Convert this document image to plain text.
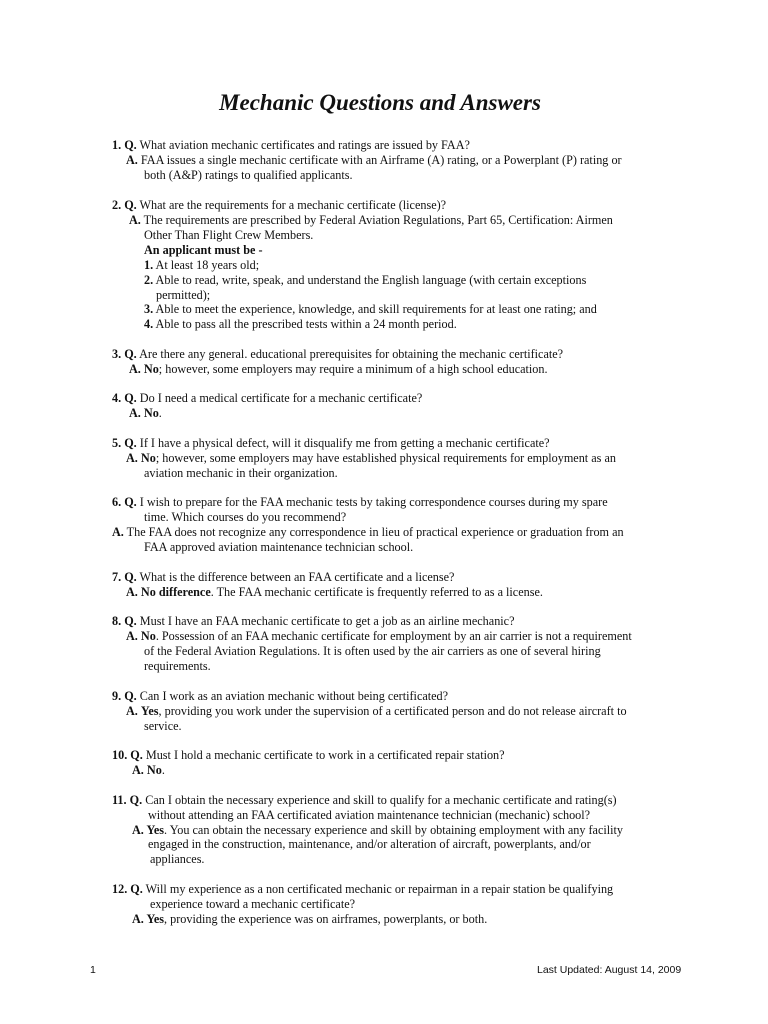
Mechanic Questions and Answers
1. Q. What aviation mechanic certificates and ratings are issued by FAA?
A. FAA issues a single mechanic certificate with an Airframe (A) rating, or a Powerplant (P) rating or
both (A&P) ratings to qualified applicants.
2. Q. What are the requirements for a mechanic certificate (license)?
A. The requirements are prescribed by Federal Aviation Regulations, Part 65, Certification: Airmen
Other Than Flight Crew Members.
An applicant must be -
1. At least 18 years old;
2. Able to read, write, speak, and understand the English language (with certain exceptions
permitted);
3. Able to meet the experience, knowledge, and skill requirements for at least one rating; and
4. Able to pass all the prescribed tests within a 24 month period.
3. Q. Are there any general. educational prerequisites for obtaining the mechanic certificate?
A. No; however, some employers may require a minimum of a high school education.
4. Q. Do I need a medical certificate for a mechanic certificate?
A. No.
5. Q. If I have a physical defect, will it disqualify me from getting a mechanic certificate?
A. No; however, some employers may have established physical requirements for employment as an
aviation mechanic in their organization.
6. Q. I wish to prepare for the FAA mechanic tests by taking correspondence courses during my spare
time. Which courses do you recommend?
A. The FAA does not recognize any correspondence in lieu of practical experience or graduation from an
FAA approved aviation maintenance technician school.
7. Q. What is the difference between an FAA certificate and a license?
A. No difference. The FAA mechanic certificate is frequently referred to as a license.
8. Q. Must I have an FAA mechanic certificate to get a job as an airline mechanic?
A. No. Possession of an FAA mechanic certificate for employment by an air carrier is not a requirement
of the Federal Aviation Regulations. It is often used by the air carriers as one of several hiring
requirements.
9. Q. Can I work as an aviation mechanic without being certificated?
A. Yes, providing you work under the supervision of a certificated person and do not release aircraft to
service.
10. Q. Must I hold a mechanic certificate to work in a certificated repair station?
A. No.
11. Q. Can I obtain the necessary experience and skill to qualify for a mechanic certificate and rating(s)
without attending an FAA certificated aviation maintenance technician (mechanic) school?
A. Yes. You can obtain the necessary experience and skill by obtaining employment with any facility
engaged in the construction, maintenance, and/or alteration of aircraft, powerplants, and/or
appliances.
12. Q. Will my experience as a non certificated mechanic or repairman in a repair station be qualifying
experience toward a mechanic certificate?
A. Yes, providing the experience was on airframes, powerplants, or both.
1	Last Updated: August 14, 2009
